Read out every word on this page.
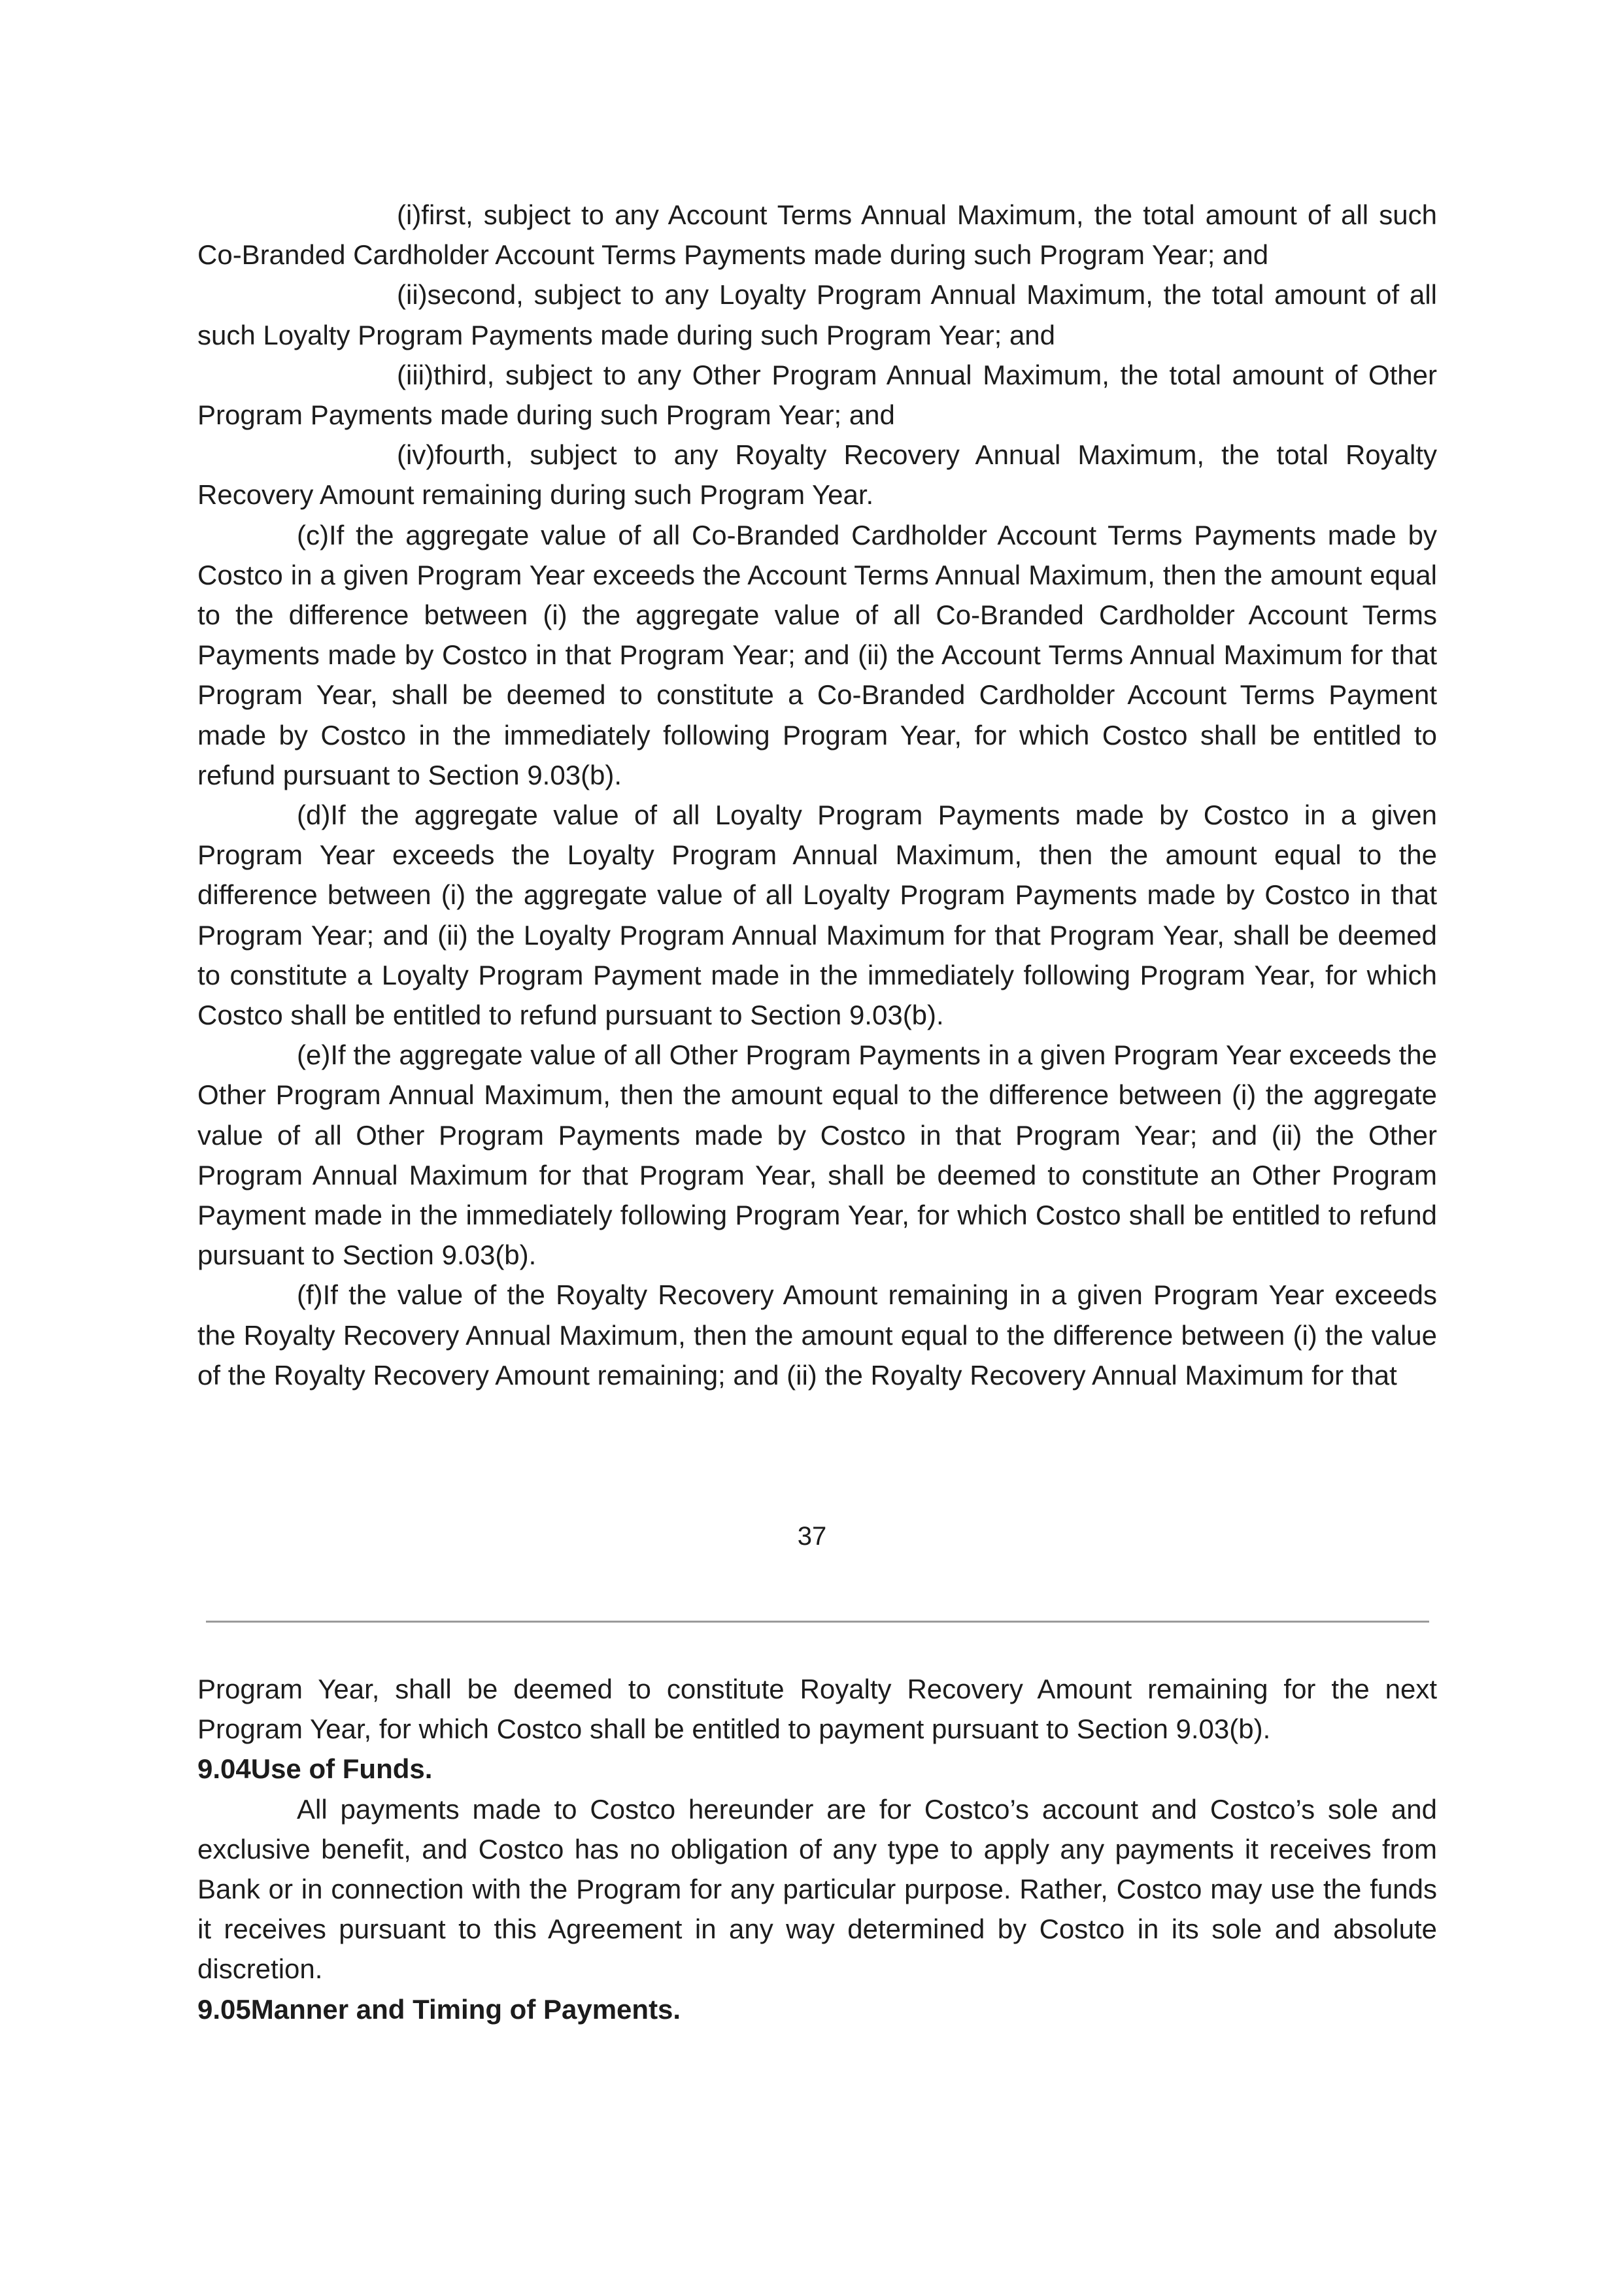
(i)first, subject to any Account Terms Annual Maximum, the total amount of all such Co-Branded Cardholder Account Terms Payments made during such Program Year; and

(ii)second, subject to any Loyalty Program Annual Maximum, the total amount of all such Loyalty Program Payments made during such Program Year; and

(iii)third, subject to any Other Program Annual Maximum, the total amount of Other Program Payments made during such Program Year; and

(iv)fourth, subject to any Royalty Recovery Annual Maximum, the total Royalty Recovery Amount remaining during such Program Year.

(c)If the aggregate value of all Co-Branded Cardholder Account Terms Payments made by Costco in a given Program Year exceeds the Account Terms Annual Maximum, then the amount equal to the difference between (i) the aggregate value of all Co-Branded Cardholder Account Terms Payments made by Costco in that Program Year; and (ii) the Account Terms Annual Maximum for that Program Year, shall be deemed to constitute a Co-Branded Cardholder Account Terms Payment made by Costco in the immediately following Program Year, for which Costco shall be entitled to refund pursuant to Section 9.03(b).

(d)If the aggregate value of all Loyalty Program Payments made by Costco in a given Program Year exceeds the Loyalty Program Annual Maximum, then the amount equal to the difference between (i) the aggregate value of all Loyalty Program Payments made by Costco in that Program Year; and (ii) the Loyalty Program Annual Maximum for that Program Year, shall be deemed to constitute a Loyalty Program Payment made in the immediately following Program Year, for which Costco shall be entitled to refund pursuant to Section 9.03(b).

(e)If the aggregate value of all Other Program Payments in a given Program Year exceeds the Other Program Annual Maximum, then the amount equal to the difference between (i) the aggregate value of all Other Program Payments made by Costco in that Program Year; and (ii) the Other Program Annual Maximum for that Program Year, shall be deemed to constitute an Other Program Payment made in the immediately following Program Year, for which Costco shall be entitled to refund pursuant to Section 9.03(b).

(f)If the value of the Royalty Recovery Amount remaining in a given Program Year exceeds the Royalty Recovery Annual Maximum, then the amount equal to the difference between (i) the value of the Royalty Recovery Amount remaining; and (ii) the Royalty Recovery Annual Maximum for that

37

Program Year, shall be deemed to constitute Royalty Recovery Amount remaining for the next Program Year, for which Costco shall be entitled to payment pursuant to Section 9.03(b).

9.04Use of Funds.

All payments made to Costco hereunder are for Costco’s account and Costco’s sole and exclusive benefit, and Costco has no obligation of any type to apply any payments it receives from Bank or in connection with the Program for any particular purpose. Rather, Costco may use the funds it receives pursuant to this Agreement in any way determined by Costco in its sole and absolute discretion.

9.05Manner and Timing of Payments.
